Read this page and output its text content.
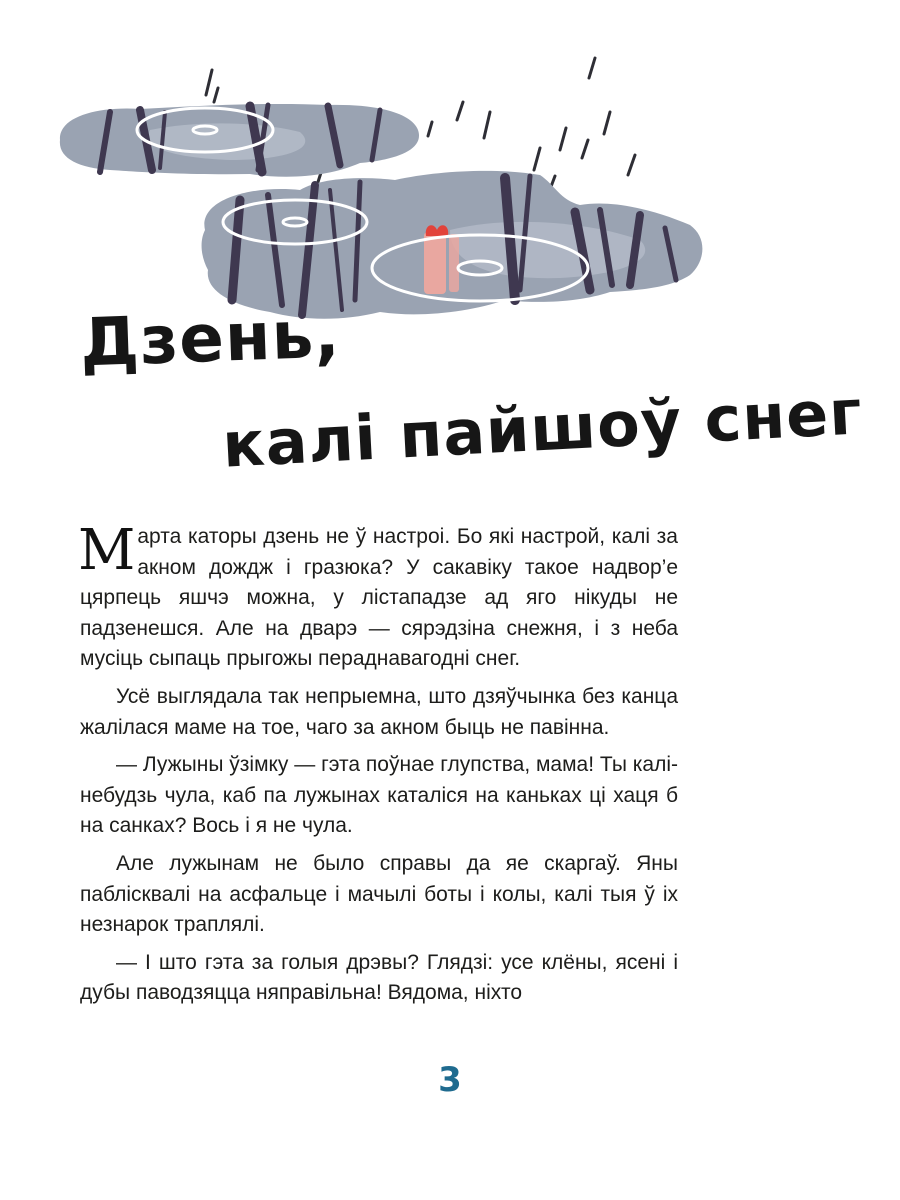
Дзень,
калі пайшоў снег

Марта каторы дзень не ў настроі. Бо які настрой, калі за акном дождж і гразюка? У сакавіку такое надвор’е цярпець яшчэ можна, у лістападзе ад яго нікуды не падзенешся. Але на дварэ — сярэдзіна снежня, і з неба мусіць сыпаць прыгожы пераднавагодні снег.

Усё выглядала так непрыемна, што дзяўчынка без канца жалілася маме на тое, чаго за акном быць не павінна.

— Лужыны ўзімку — гэта поўнае глупства, мама! Ты калі-небудзь чула, каб па лужынах каталіся на каньках ці хаця б на санках? Вось і я не чула.

Але лужынам не было справы да яе скаргаў. Яны паблісквалі на асфальце і мачылі боты і колы, калі тыя ў іх незнарок траплялі.

— І што гэта за голыя дрэвы? Глядзі: усе клёны, ясені і дубы паводзяцца няправільна! Вядома, ніхто

3
